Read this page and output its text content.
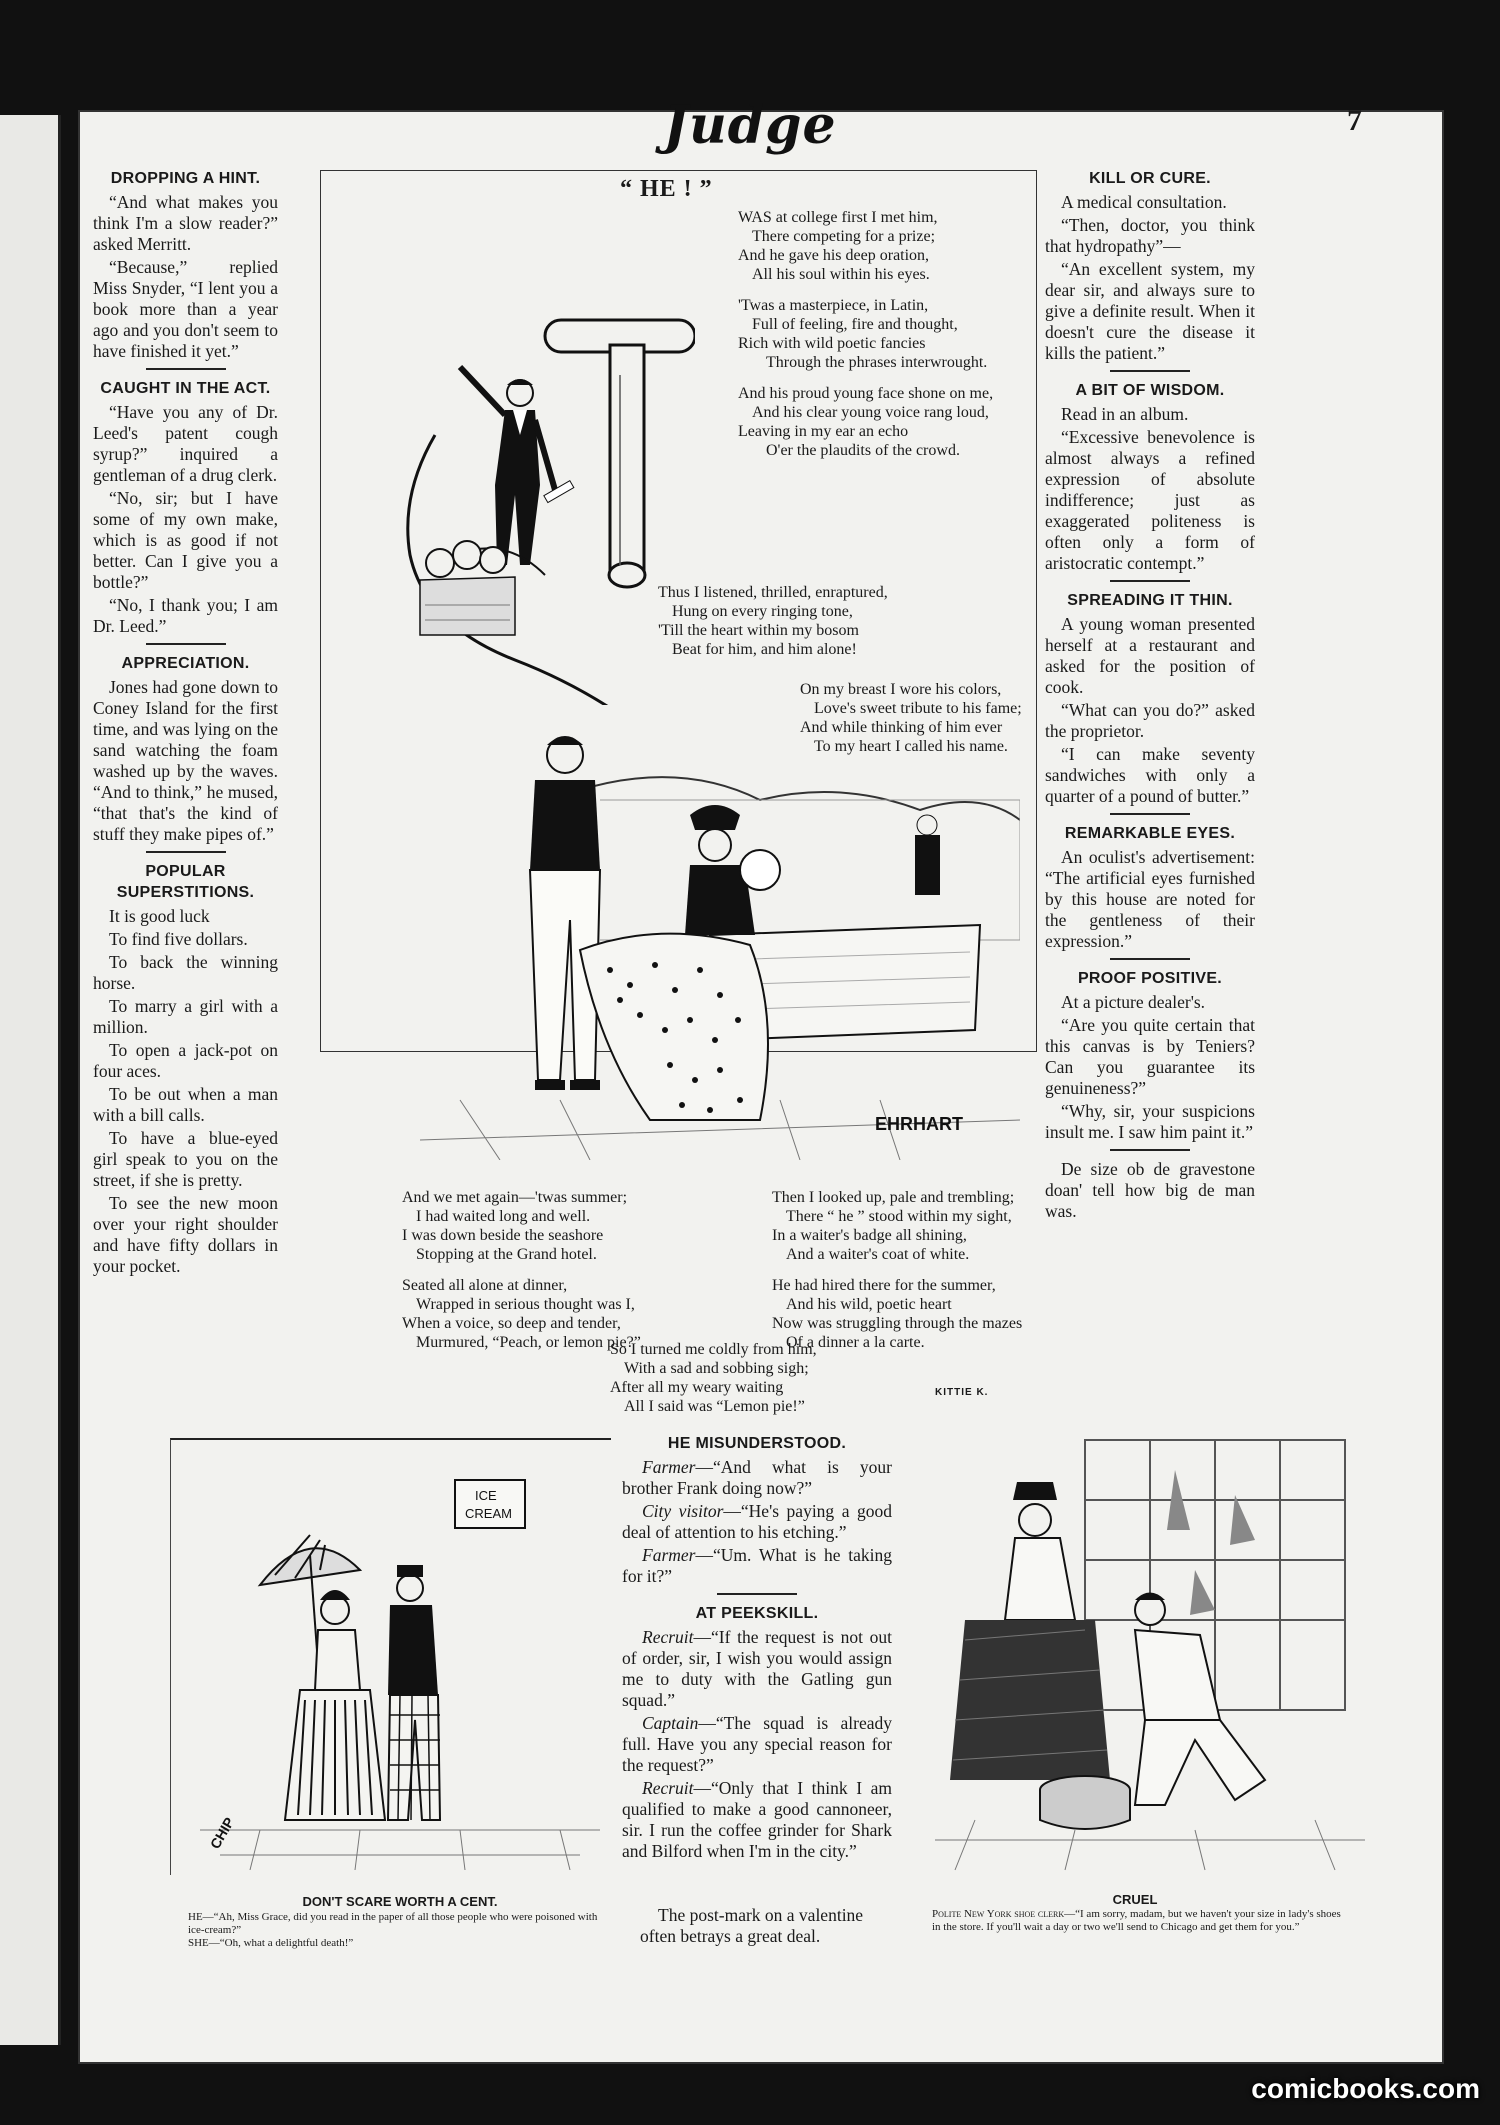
Judge	7
DROPPING A HINT.
“And what makes you think I'm a slow reader?” asked Merritt.
“Because,” replied Miss Snyder, “I lent you a book more than a year ago and you don't seem to have finished it yet.”
CAUGHT IN THE ACT.
“Have you any of Dr. Leed's patent cough syrup?” inquired a gentleman of a drug clerk.
“No, sir; but I have some of my own make, which is as good if not better. Can I give you a bottle?”
“No, I thank you; I am Dr. Leed.”
APPRECIATION.
Jones had gone down to Coney Island for the first time, and was lying on the sand watching the foam washed up by the waves. “And to think,” he mused, “that that's the kind of stuff they make pipes of.”
POPULAR SUPERSTITIONS.
It is good luck
To find five dollars.
To back the winning horse.
To marry a girl with a million.
To open a jack-pot on four aces.
To be out when a man with a bill calls.
To have a blue-eyed girl speak to you on the street, if she is pretty.
To see the new moon over your right shoulder and have fifty dollars in your pocket.
KILL OR CURE.
A medical consultation.
“Then, doctor, you think that hydropathy”—
“An excellent system, my dear sir, and always sure to give a definite result. When it doesn't cure the disease it kills the patient.”
A BIT OF WISDOM.
Read in an album.
“Excessive benevolence is almost always a refined expression of absolute indifference; just as exaggerated politeness is often only a form of aristocratic contempt.”
SPREADING IT THIN.
A young woman presented herself at a restaurant and asked for the position of cook.
“What can you do?” asked the proprietor.
“I can make seventy sandwiches with only a quarter of a pound of butter.”
REMARKABLE EYES.
An oculist's advertisement: “The artificial eyes furnished by this house are noted for the gentleness of their expression.”
PROOF POSITIVE.
At a picture dealer's.
“Are you quite certain that this canvas is by Teniers? Can you guarantee its genuineness?”
“Why, sir, your suspicions insult me. I saw him paint it.”
De size ob de gravestone doan' tell how big de man was.
“ HE ! ”
WAS at college first I met him,
There competing for a prize;
And he gave his deep oration,
All his soul within his eyes.
'Twas a masterpiece, in Latin,
Full of feeling, fire and thought,
Rich with wild poetic fancies
Through the phrases interwrought.
And his proud young face shone on me,
And his clear young voice rang loud,
Leaving in my ear an echo
O'er the plaudits of the crowd.
Thus I listened, thrilled, enraptured,
Hung on every ringing tone,
'Till the heart within my bosom
Beat for him, and him alone!
On my breast I wore his colors,
Love's sweet tribute to his fame;
And while thinking of him ever
To my heart I called his name.
And we met again—'twas summer;
I had waited long and well.
I was down beside the seashore
Stopping at the Grand hotel.
Seated all alone at dinner,
Wrapped in serious thought was I,
When a voice, so deep and tender,
Murmured, “Peach, or lemon pie?”
Then I looked up, pale and trembling;
There “ he ” stood within my sight,
In a waiter's badge all shining,
And a waiter's coat of white.
He had hired there for the summer,
And his wild, poetic heart
Now was struggling through the mazes
Of a dinner a la carte.
So I turned me coldly from him,
With a sad and sobbing sigh;
After all my weary waiting
All I said was “Lemon pie!”
KITTIE K.
EHRHART
ICE
CREAM
CHIP
DON'T SCARE WORTH A CENT.
HE—“Ah, Miss Grace, did you read in the paper of all those people who were poisoned with ice-cream?”
SHE—“Oh, what a delightful death!”
HE MISUNDERSTOOD.
Farmer—“And what is your brother Frank doing now?”
City visitor—“He's paying a good deal of attention to his etching.”
Farmer—“Um. What is he taking for it?”
AT PEEKSKILL.
Recruit—“If the request is not out of order, sir, I wish you would assign me to duty with the Gatling gun squad.”
Captain—“The squad is already full. Have you any special reason for the request?”
Recruit—“Only that I think I am qualified to make a good cannoneer, sir. I run the coffee grinder for Shark and Bilford when I'm in the city.”
The post-mark on a valentine often betrays a great deal.
CRUEL
Polite New York shoe clerk—“I am sorry, madam, but we haven't your size in lady's shoes in the store. If you'll wait a day or two we'll send to Chicago and get them for you.”
comicbooks.com
